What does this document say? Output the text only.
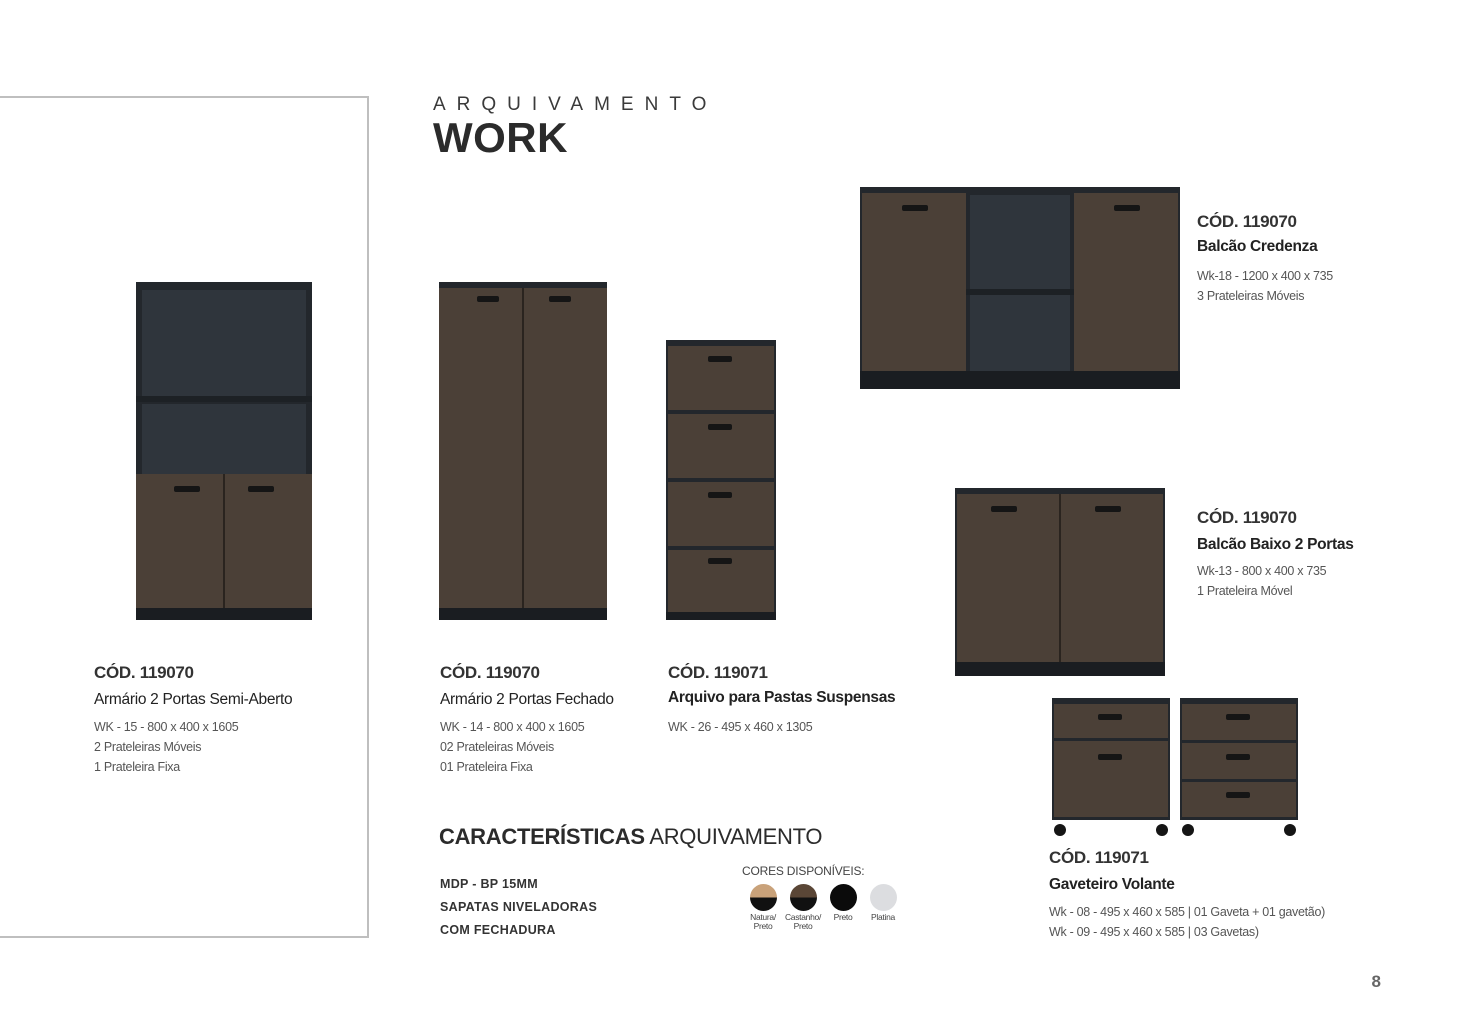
ARQUIVAMENTO
WORK
CÓD. 119070
Armário 2 Portas Semi-Aberto
WK - 15 - 800 x 400 x 1605
2 Prateleiras Móveis
1 Prateleira Fixa
CÓD. 119070
Armário 2 Portas Fechado
WK - 14 - 800 x 400 x 1605
02 Prateleiras Móveis
01 Prateleira Fixa
CÓD. 119071
Arquivo para Pastas Suspensas
WK - 26 - 495 x 460 x 1305
CÓD. 119070
Balcão Credenza
Wk-18 - 1200 x 400 x 735
3 Prateleiras Móveis
CÓD. 119070
Balcão Baixo 2 Portas
Wk-13 - 800 x 400 x 735
1 Prateleira Móvel
CÓD. 119071
Gaveteiro Volante
Wk - 08 - 495 x 460 x 585 | 01 Gaveta + 01 gavetão)
Wk - 09 - 495 x 460 x 585 | 03 Gavetas)
CARACTERÍSTICAS ARQUIVAMENTO
MDP - BP 15MM
SAPATAS NIVELADORAS
COM FECHADURA
CORES DISPONÍVEIS:
Natura/ Preto
Castanho/ Preto
Preto	Platina
8
